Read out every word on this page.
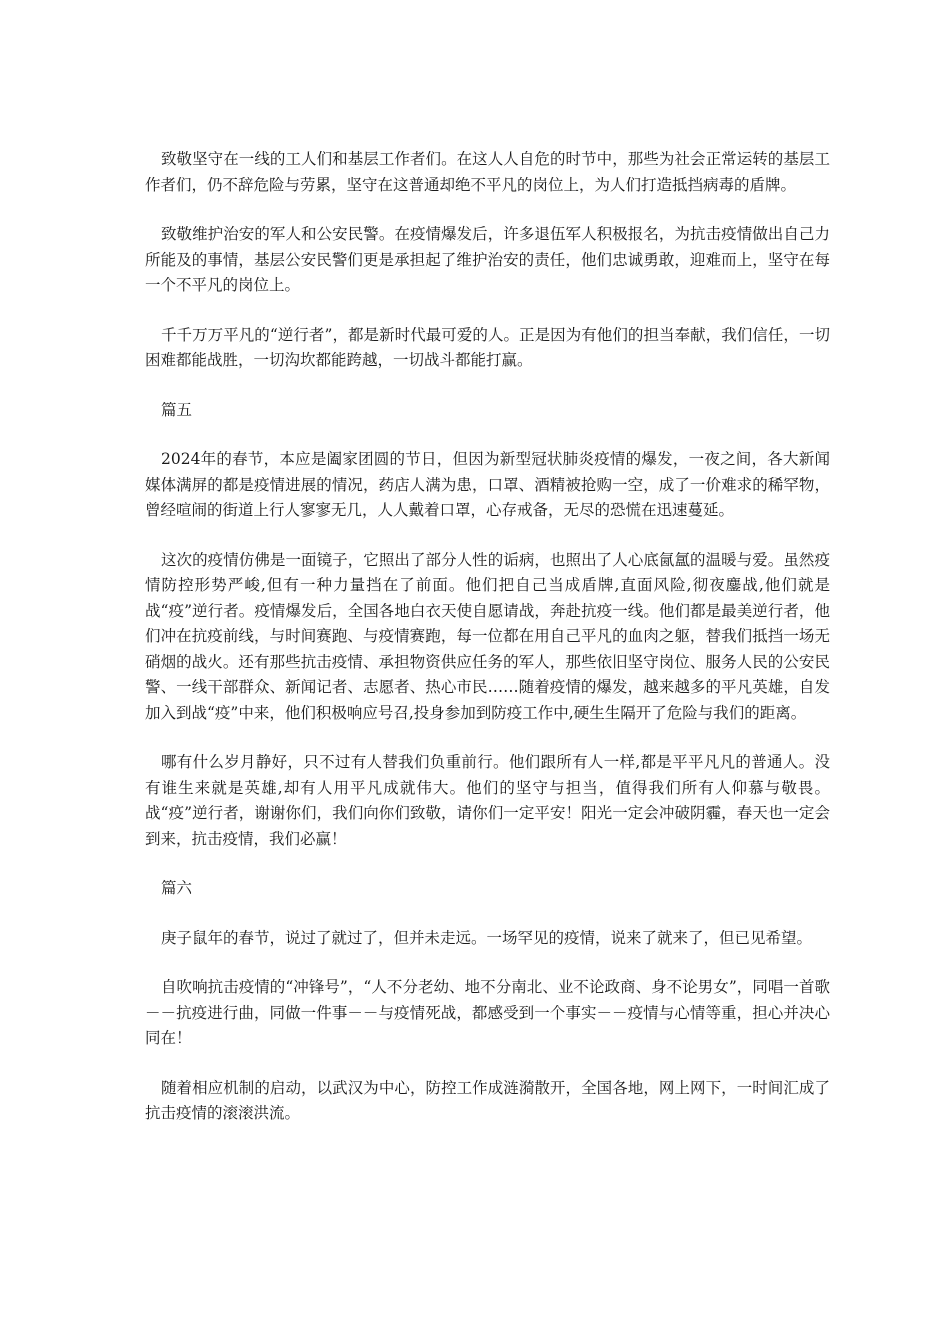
致敬坚守在一线的工人们和基层工作者们。在这人人自危的时节中，那些为社会正常运转的基层工作者们，仍不辞危险与劳累，坚守在这普通却绝不平凡的岗位上，为人们打造抵挡病毒的盾牌。

致敬维护治安的军人和公安民警。在疫情爆发后，许多退伍军人积极报名，为抗击疫情做出自己力所能及的事情，基层公安民警们更是承担起了维护治安的责任，他们忠诚勇敢，迎难而上，坚守在每一个不平凡的岗位上。

千千万万平凡的“逆行者”，都是新时代最可爱的人。正是因为有他们的担当奉献，我们信任，一切困难都能战胜，一切沟坎都能跨越，一切战斗都能打赢。

篇五

2024年的春节，本应是阖家团圆的节日，但因为新型冠状肺炎疫情的爆发，一夜之间，各大新闻媒体满屏的都是疫情进展的情况，药店人满为患，口罩、酒精被抢购一空，成了一价难求的稀罕物，曾经喧闹的街道上行人寥寥无几，人人戴着口罩，心存戒备，无尽的恐慌在迅速蔓延。

这次的疫情仿佛是一面镜子，它照出了部分人性的诟病，也照出了人心底氤氲的温暖与爱。虽然疫情防控形势严峻,但有一种力量挡在了前面。他们把自己当成盾牌,直面风险,彻夜鏖战,他们就是战“疫”逆行者。疫情爆发后，全国各地白衣天使自愿请战，奔赴抗疫一线。他们都是最美逆行者，他们冲在抗疫前线，与时间赛跑、与疫情赛跑，每一位都在用自己平凡的血肉之躯，替我们抵挡一场无硝烟的战火。还有那些抗击疫情、承担物资供应任务的军人，那些依旧坚守岗位、服务人民的公安民警、一线干部群众、新闻记者、志愿者、热心市民……随着疫情的爆发，越来越多的平凡英雄，自发加入到战“疫”中来，他们积极响应号召,投身参加到防疫工作中,硬生生隔开了危险与我们的距离。

哪有什么岁月静好，只不过有人替我们负重前行。他们跟所有人一样,都是平平凡凡的普通人。没有谁生来就是英雄,却有人用平凡成就伟大。他们的坚守与担当，值得我们所有人仰慕与敬畏。战“疫”逆行者，谢谢你们，我们向你们致敬，请你们一定平安！阳光一定会冲破阴霾，春天也一定会到来，抗击疫情，我们必赢！

篇六

庚子鼠年的春节，说过了就过了，但并未走远。一场罕见的疫情，说来了就来了，但已见希望。

自吹响抗击疫情的“冲锋号”，“人不分老幼、地不分南北、业不论政商、身不论男女”，同唱一首歌－－抗疫进行曲，同做一件事－－与疫情死战，都感受到一个事实－－疫情与心情等重，担心并决心同在！

随着相应机制的启动，以武汉为中心，防控工作成涟漪散开，全国各地，网上网下，一时间汇成了抗击疫情的滚滚洪流。
